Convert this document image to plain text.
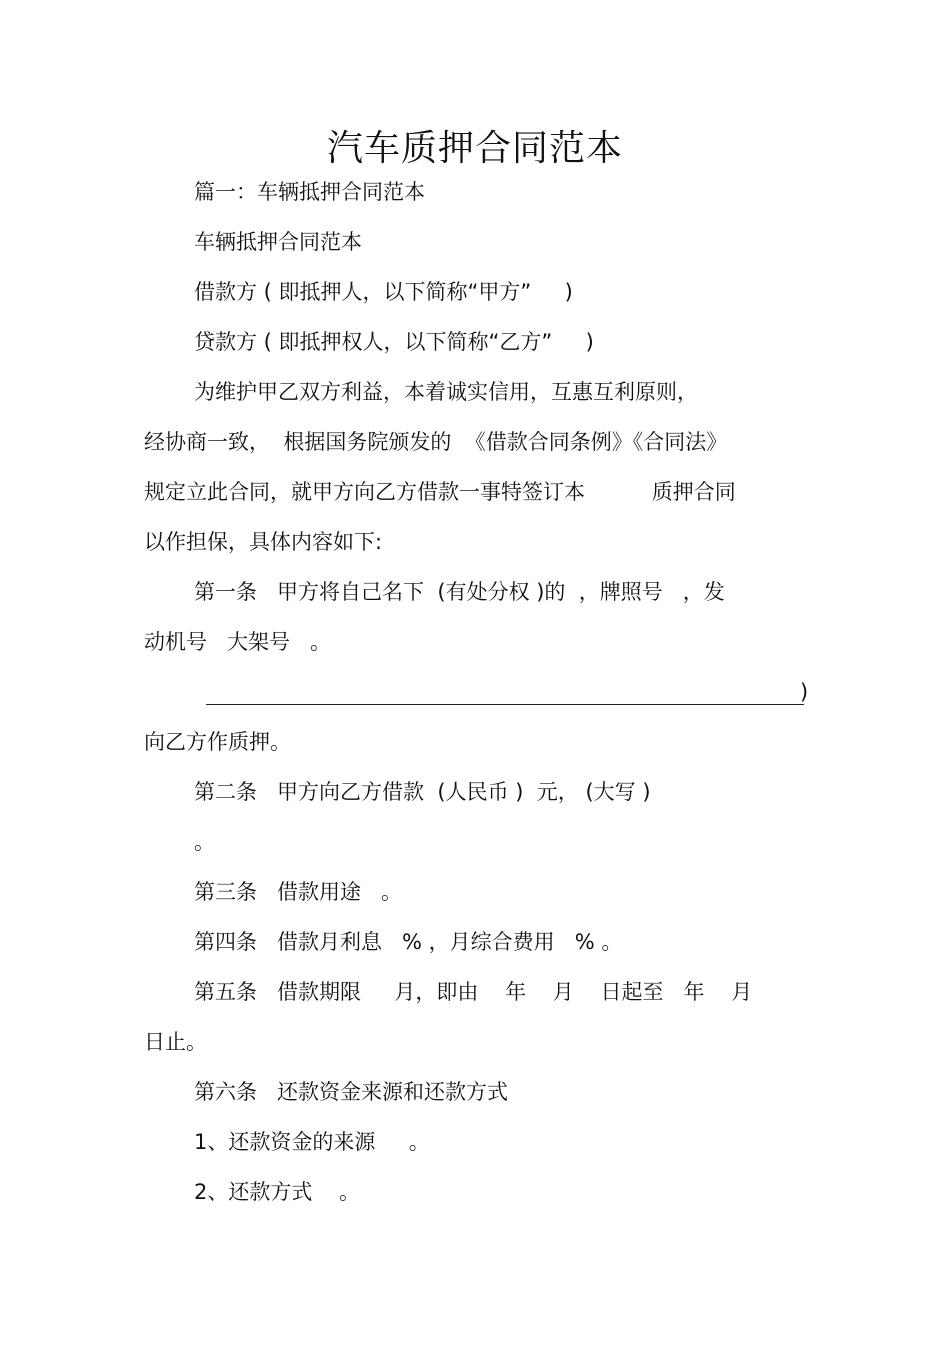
汽车质押合同范本
篇一：车辆抵押合同范本
车辆抵押合同范本
借款方 ( 即抵押人，以下简称“甲方”     )
贷款方 ( 即抵押权人，以下简称“乙方”     )
为维护甲乙双方利益，本着诚实信用，互惠互利原则，
经协商一致，  根据国务院颁发的  《借款合同条例》《合同法》
规定立此合同，就甲方向乙方借款一事特签订本          质押合同
以作担保，具体内容如下:
第一条   甲方将自己名下  (有处分权 )的  ，牌照号   ，发
动机号   大架号   。
)
向乙方作质押。
第二条   甲方向乙方借款  (人民币 )  元， (大写 )
。
第三条   借款用途   。
第四条   借款月利息   % ，月综合费用   % 。
第五条   借款期限     月，即由    年    月    日起至   年    月
日止。
第六条   还款资金来源和还款方式
1、还款资金的来源     。
2、还款方式    。
